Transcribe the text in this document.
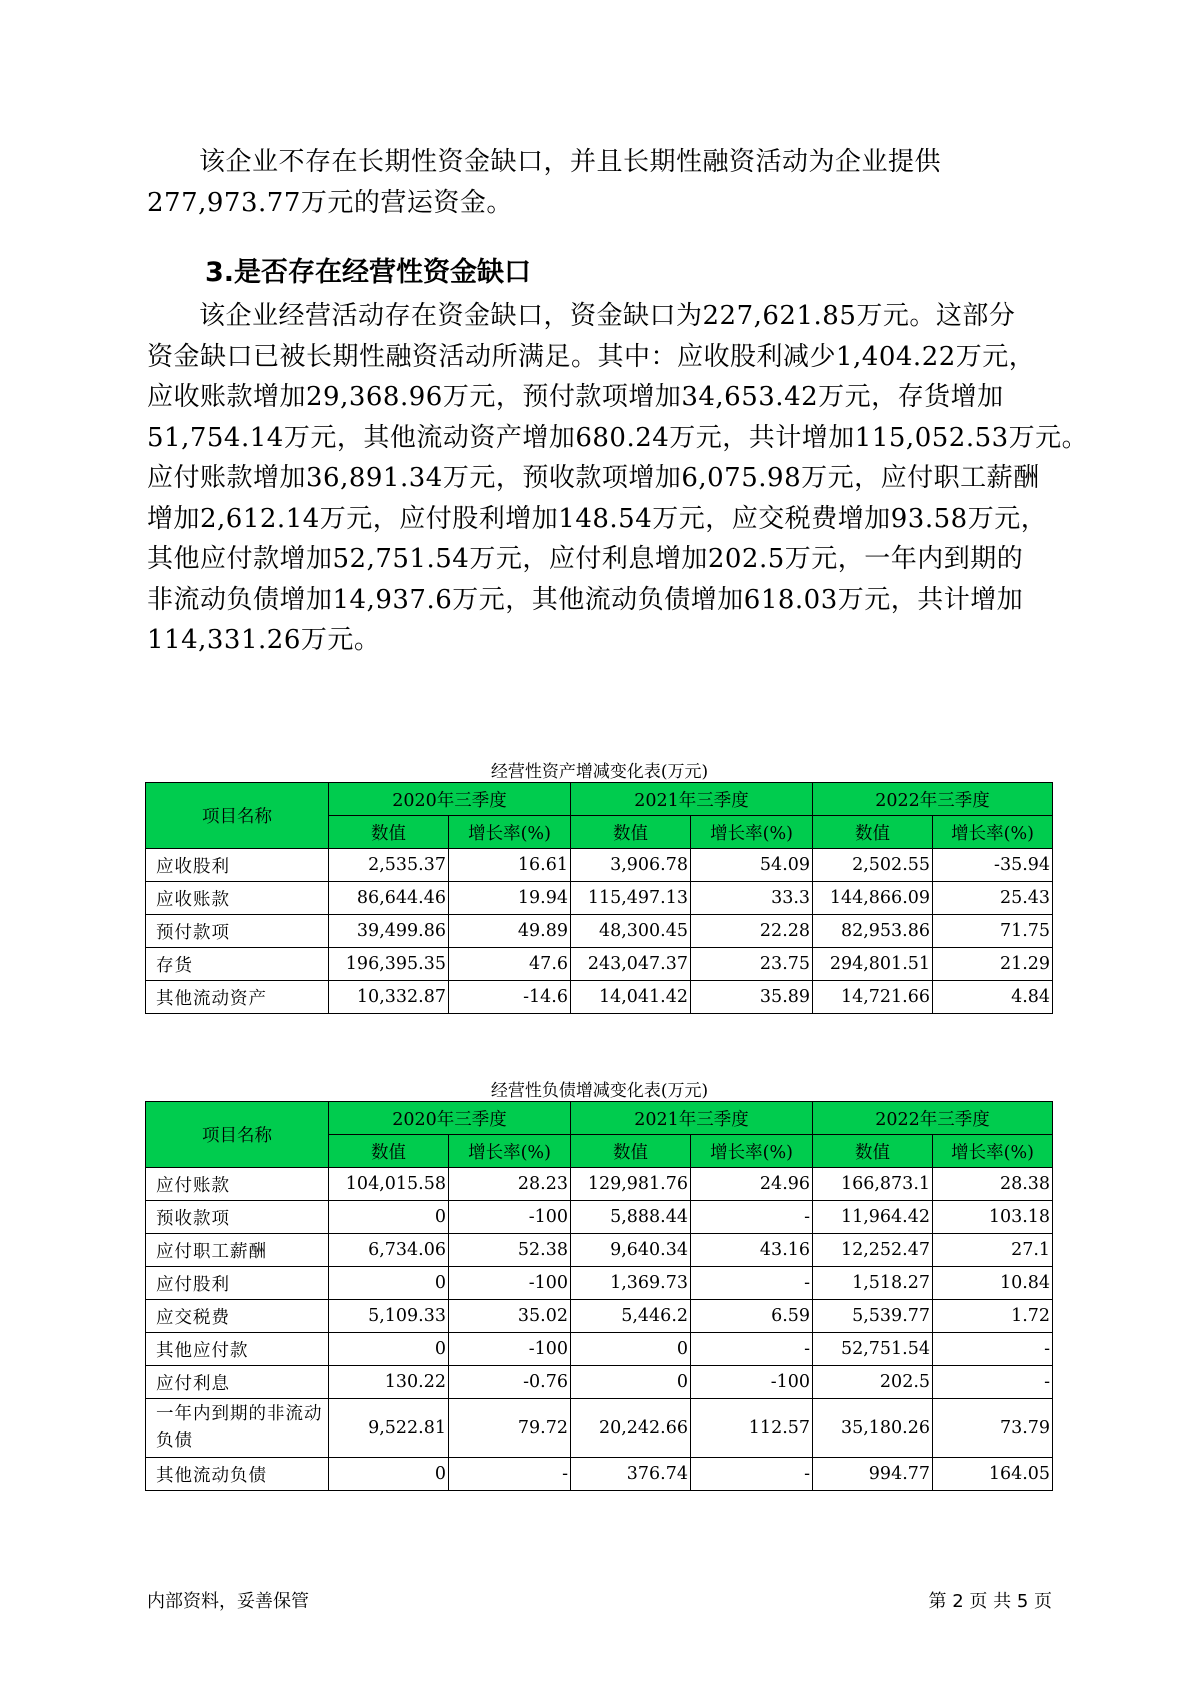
该企业不存在长期性资金缺口，并且长期性融资活动为企业提供
277,973.77万元的营运资金。

3.是否存在经营性资金缺口

该企业经营活动存在资金缺口，资金缺口为227,621.85万元。这部分
资金缺口已被长期性融资活动所满足。其中：应收股利减少1,404.22万元，
应收账款增加29,368.96万元，预付款项增加34,653.42万元，存货增加
51,754.14万元，其他流动资产增加680.24万元，共计增加115,052.53万元。
应付账款增加36,891.34万元，预收款项增加6,075.98万元，应付职工薪酬
增加2,612.14万元，应付股利增加148.54万元，应交税费增加93.58万元，
其他应付款增加52,751.54万元，应付利息增加202.5万元，一年内到期的
非流动负债增加14,937.6万元，其他流动负债增加618.03万元，共计增加
114,331.26万元。

经营性资产增减变化表(万元)

项目名称	2020年三季度		2021年三季度		2022年三季度	
	数值	增长率(%)	数值	增长率(%)	数值	增长率(%)
应收股利	2,535.37	16.61	3,906.78	54.09	2,502.55	-35.94
应收账款	86,644.46	19.94	115,497.13	33.3	144,866.09	25.43
预付款项	39,499.86	49.89	48,300.45	22.28	82,953.86	71.75
存货	196,395.35	47.6	243,047.37	23.75	294,801.51	21.29
其他流动资产	10,332.87	-14.6	14,041.42	35.89	14,721.66	4.84

经营性负债增减变化表(万元)

项目名称	2020年三季度		2021年三季度		2022年三季度	
	数值	增长率(%)	数值	增长率(%)	数值	增长率(%)
应付账款	104,015.58	28.23	129,981.76	24.96	166,873.1	28.38
预收款项	0	-100	5,888.44	-	11,964.42	103.18
应付职工薪酬	6,734.06	52.38	9,640.34	43.16	12,252.47	27.1
应付股利	0	-100	1,369.73	-	1,518.27	10.84
应交税费	5,109.33	35.02	5,446.2	6.59	5,539.77	1.72
其他应付款	0	-100	0	-	52,751.54	-
应付利息	130.22	-0.76	0	-100	202.5	-
一年内到期的非流动负债	9,522.81	79.72	20,242.66	112.57	35,180.26	73.79
其他流动负债	0	-	376.74	-	994.77	164.05

内部资料，妥善保管	第 2 页 共 5 页
